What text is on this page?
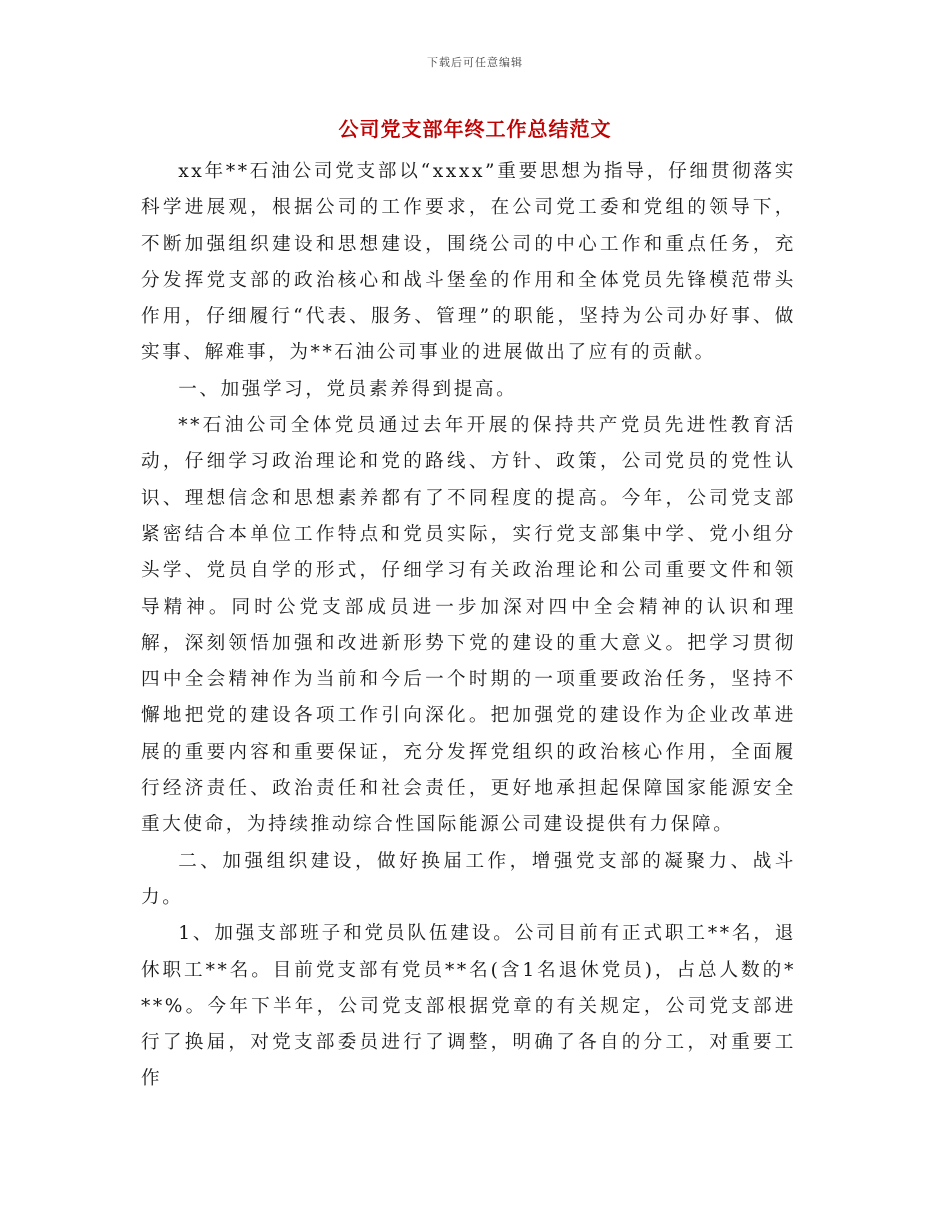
下载后可任意编辑
公司党支部年终工作总结范文

xx年**石油公司党支部以“xxxx”重要思想为指导，仔细贯彻落实科学进展观，根据公司的工作要求，在公司党工委和党组的领导下，不断加强组织建设和思想建设，围绕公司的中心工作和重点任务，充分发挥党支部的政治核心和战斗堡垒的作用和全体党员先锋模范带头作用，仔细履行“代表、服务、管理”的职能，坚持为公司办好事、做实事、解难事，为**石油公司事业的进展做出了应有的贡献。

一、加强学习，党员素养得到提高。

**石油公司全体党员通过去年开展的保持共产党员先进性教育活动，仔细学习政治理论和党的路线、方针、政策，公司党员的党性认识、理想信念和思想素养都有了不同程度的提高。今年，公司党支部紧密结合本单位工作特点和党员实际，实行党支部集中学、党小组分头学、党员自学的形式，仔细学习有关政治理论和公司重要文件和领导精神。同时公党支部成员进一步加深对四中全会精神的认识和理解，深刻领悟加强和改进新形势下党的建设的重大意义。把学习贯彻四中全会精神作为当前和今后一个时期的一项重要政治任务，坚持不懈地把党的建设各项工作引向深化。把加强党的建设作为企业改革进展的重要内容和重要保证，充分发挥党组织的政治核心作用，全面履行经济责任、政治责任和社会责任，更好地承担起保障国家能源安全重大使命，为持续推动综合性国际能源公司建设提供有力保障。

二、加强组织建设，做好换届工作，增强党支部的凝聚力、战斗力。

1、加强支部班子和党员队伍建设。公司目前有正式职工**名，退休职工**名。目前党支部有党员**名(含1名退休党员)，占总人数的***%。今年下半年，公司党支部根据党章的有关规定，公司党支部进行了换届，对党支部委员进行了调整，明确了各自的分工，对重要工作
